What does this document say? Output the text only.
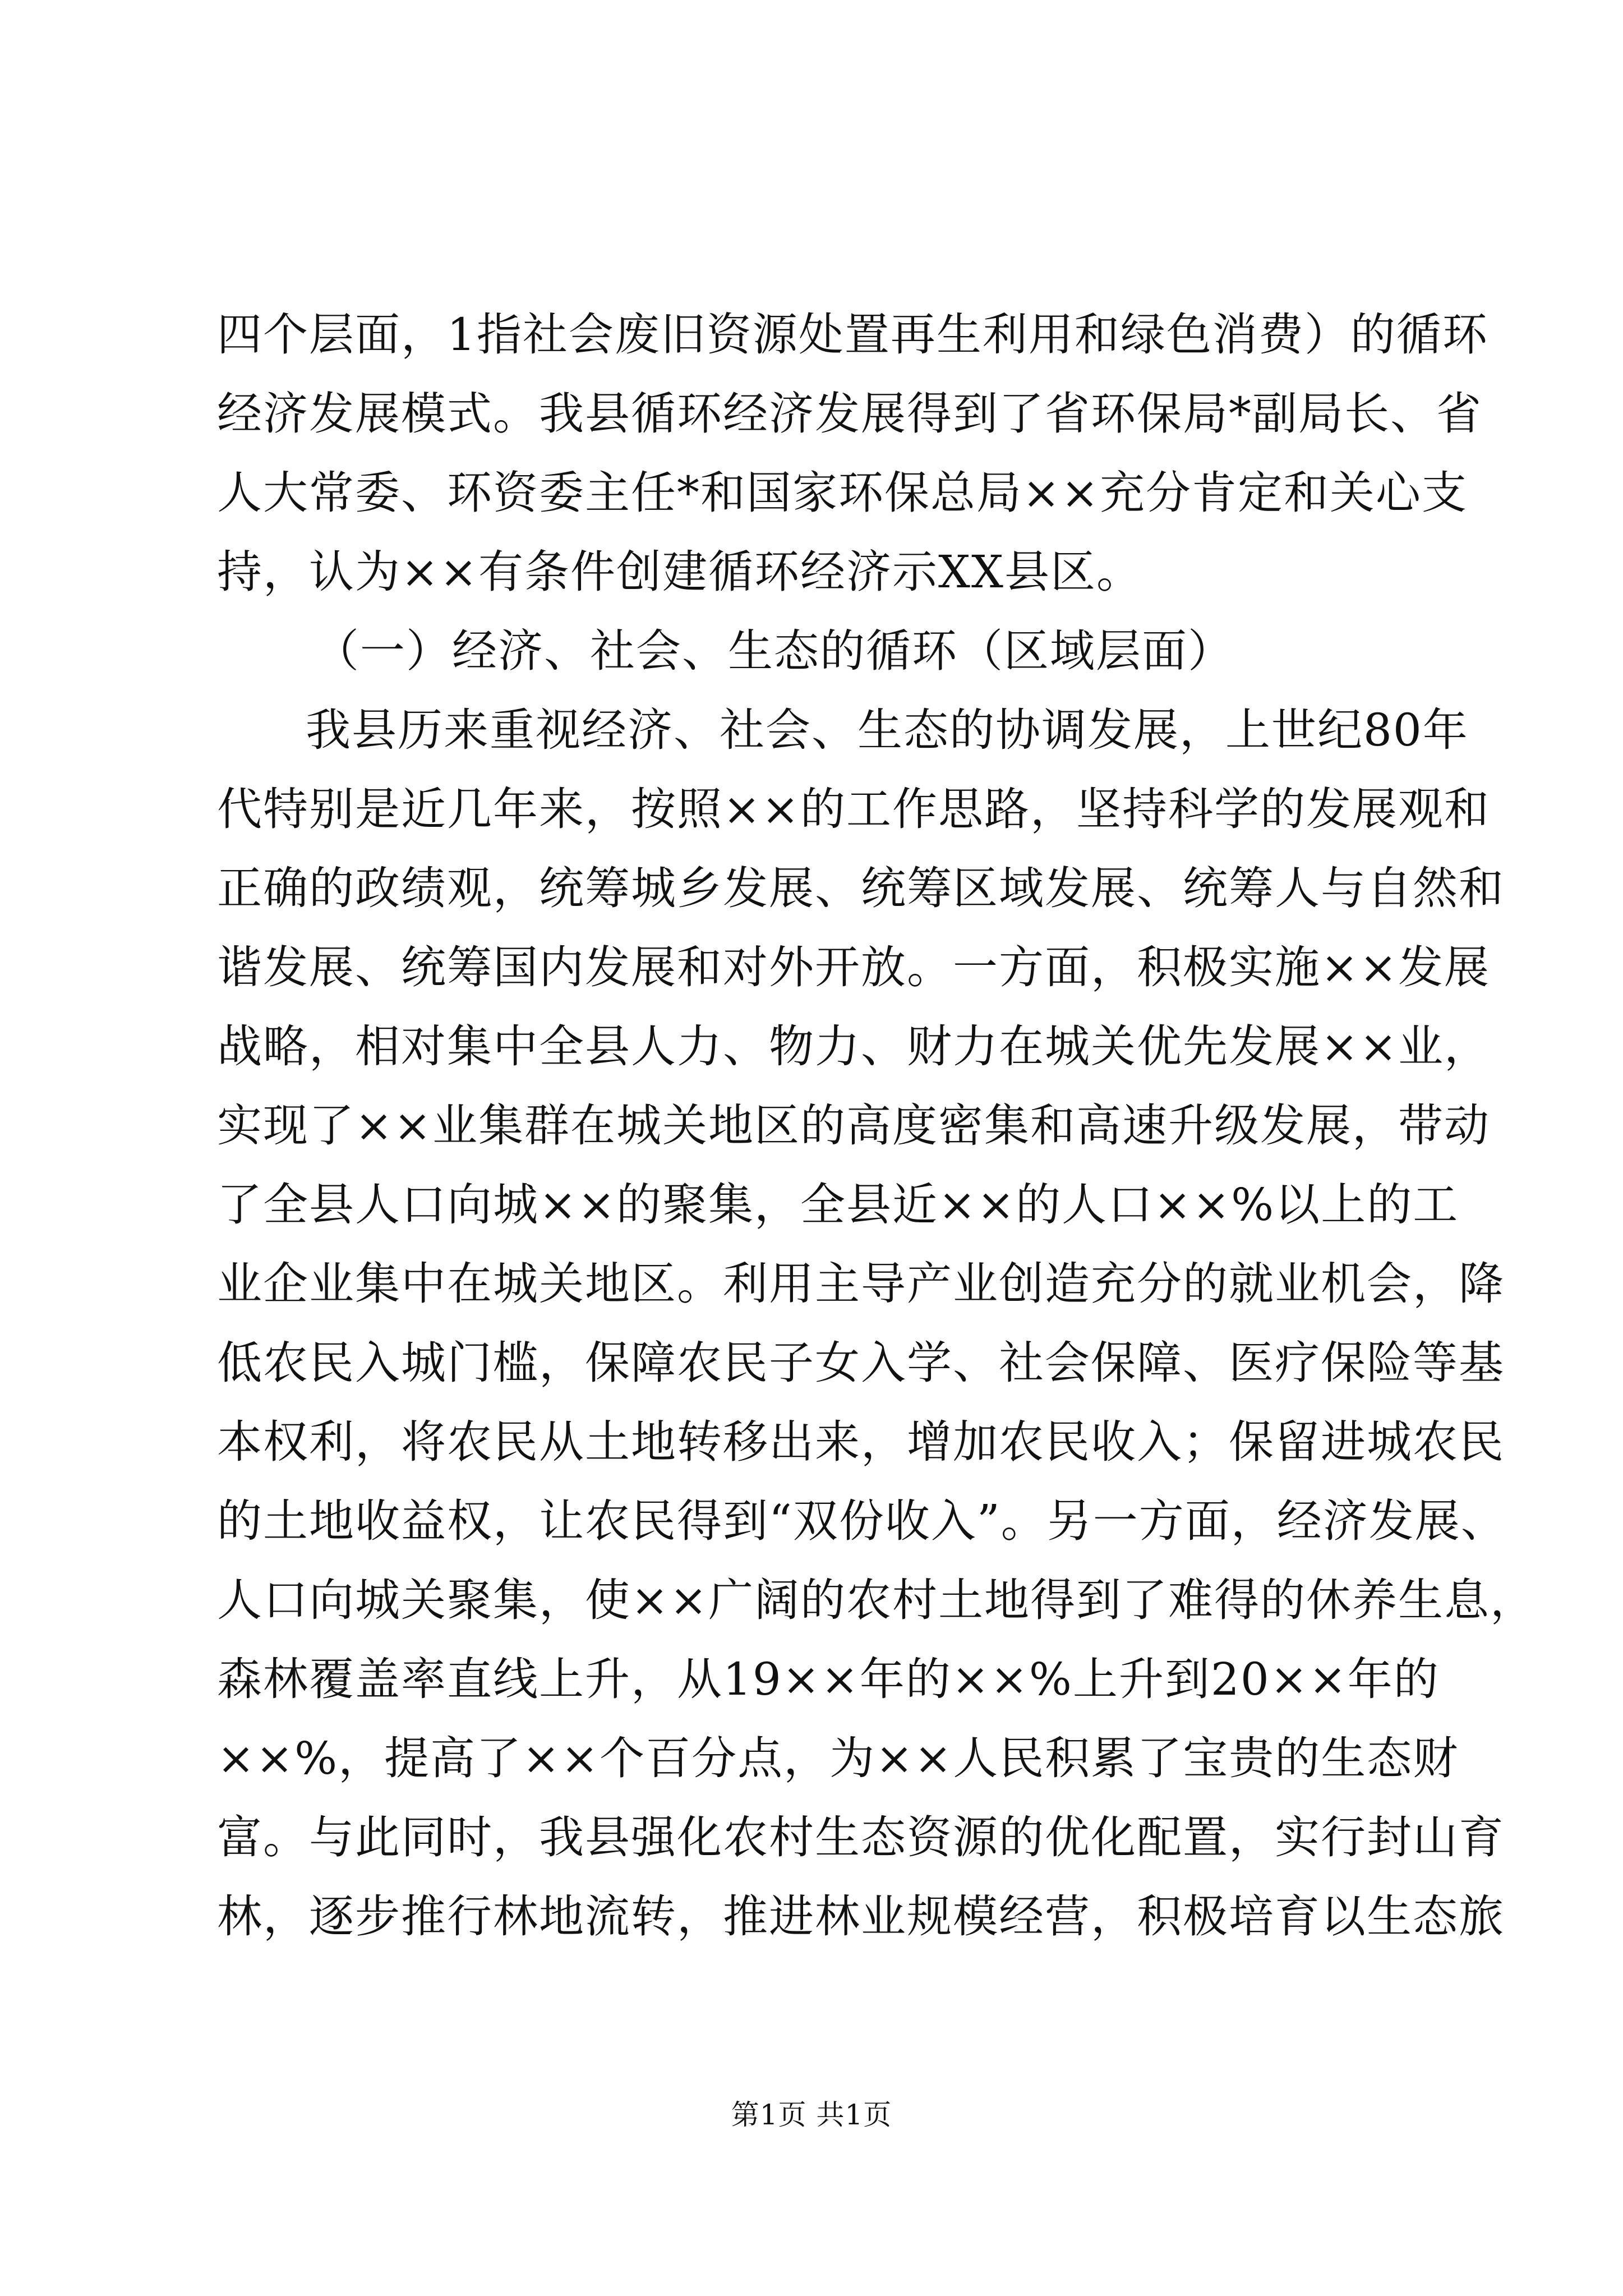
四个层面，1指社会废旧资源处置再生利用和绿色消费）的循环
经济发展模式。我县循环经济发展得到了省环保局*副局长、省
人大常委、环资委主任*和国家环保总局××充分肯定和关心支
持，认为××有条件创建循环经济示XX县区。
（一）经济、社会、生态的循环（区域层面）
我县历来重视经济、社会、生态的协调发展，上世纪80年
代特别是近几年来，按照××的工作思路，坚持科学的发展观和
正确的政绩观，统筹城乡发展、统筹区域发展、统筹人与自然和
谐发展、统筹国内发展和对外开放。一方面，积极实施××发展
战略，相对集中全县人力、物力、财力在城关优先发展××业，
实现了××业集群在城关地区的高度密集和高速升级发展，带动
了全县人口向城××的聚集，全县近××的人口××%以上的工
业企业集中在城关地区。利用主导产业创造充分的就业机会，降
低农民入城门槛，保障农民子女入学、社会保障、医疗保险等基
本权利，将农民从土地转移出来，增加农民收入；保留进城农民
的土地收益权，让农民得到“双份收入”。另一方面，经济发展、
人口向城关聚集，使××广阔的农村土地得到了难得的休养生息，
森林覆盖率直线上升，从19××年的××%上升到20××年的
××%，提高了××个百分点，为××人民积累了宝贵的生态财
富。与此同时，我县强化农村生态资源的优化配置，实行封山育
林，逐步推行林地流转，推进林业规模经营，积极培育以生态旅
第1页 共1页
